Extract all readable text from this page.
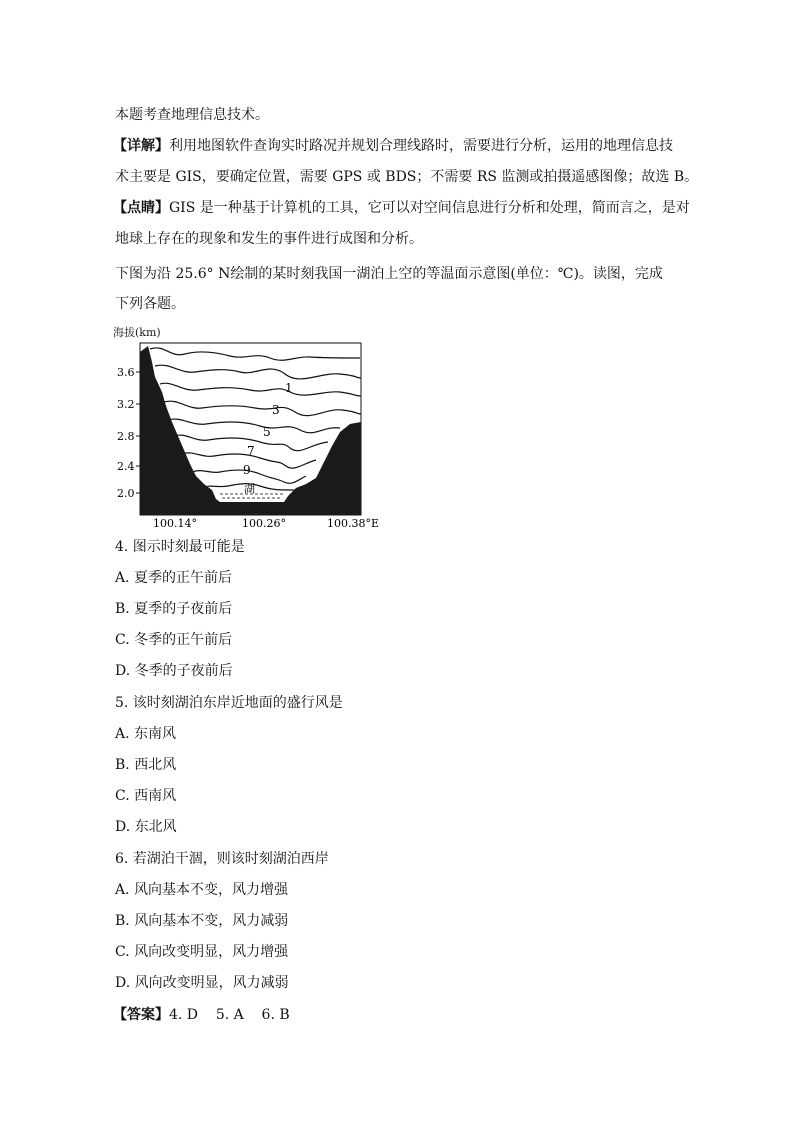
本题考查地理信息技术。
【详解】利用地图软件查询实时路况并规划合理线路时，需要进行分析，运用的地理信息技
术主要是 GIS，要确定位置，需要 GPS 或 BDS；不需要 RS 监测或拍摄遥感图像；故选 B。
【点睛】GIS 是一种基于计算机的工具，它可以对空间信息进行分析和处理，简而言之，是对
地球上存在的现象和发生的事件进行成图和分析。
下图为沿 25.6° N绘制的某时刻我国一湖泊上空的等温面示意图(单位：℃)。读图，完成
下列各题。
海拔(km)
3.6
3.2
2.8
2.4
2.0
100.14°	100.26°	100.38°E
湖
1
3
5
7
9
4. 图示时刻最可能是
A. 夏季的正午前后
B. 夏季的子夜前后
C. 冬季的正午前后
D. 冬季的子夜前后
5. 该时刻湖泊东岸近地面的盛行风是
A. 东南风
B. 西北风
C. 西南风
D. 东北风
6. 若湖泊干涸，则该时刻湖泊西岸
A. 风向基本不变，风力增强
B. 风向基本不变，风力减弱
C. 风向改变明显，风力增强
D. 风向改变明显，风力减弱
【答案】4. D    5. A    6. B
